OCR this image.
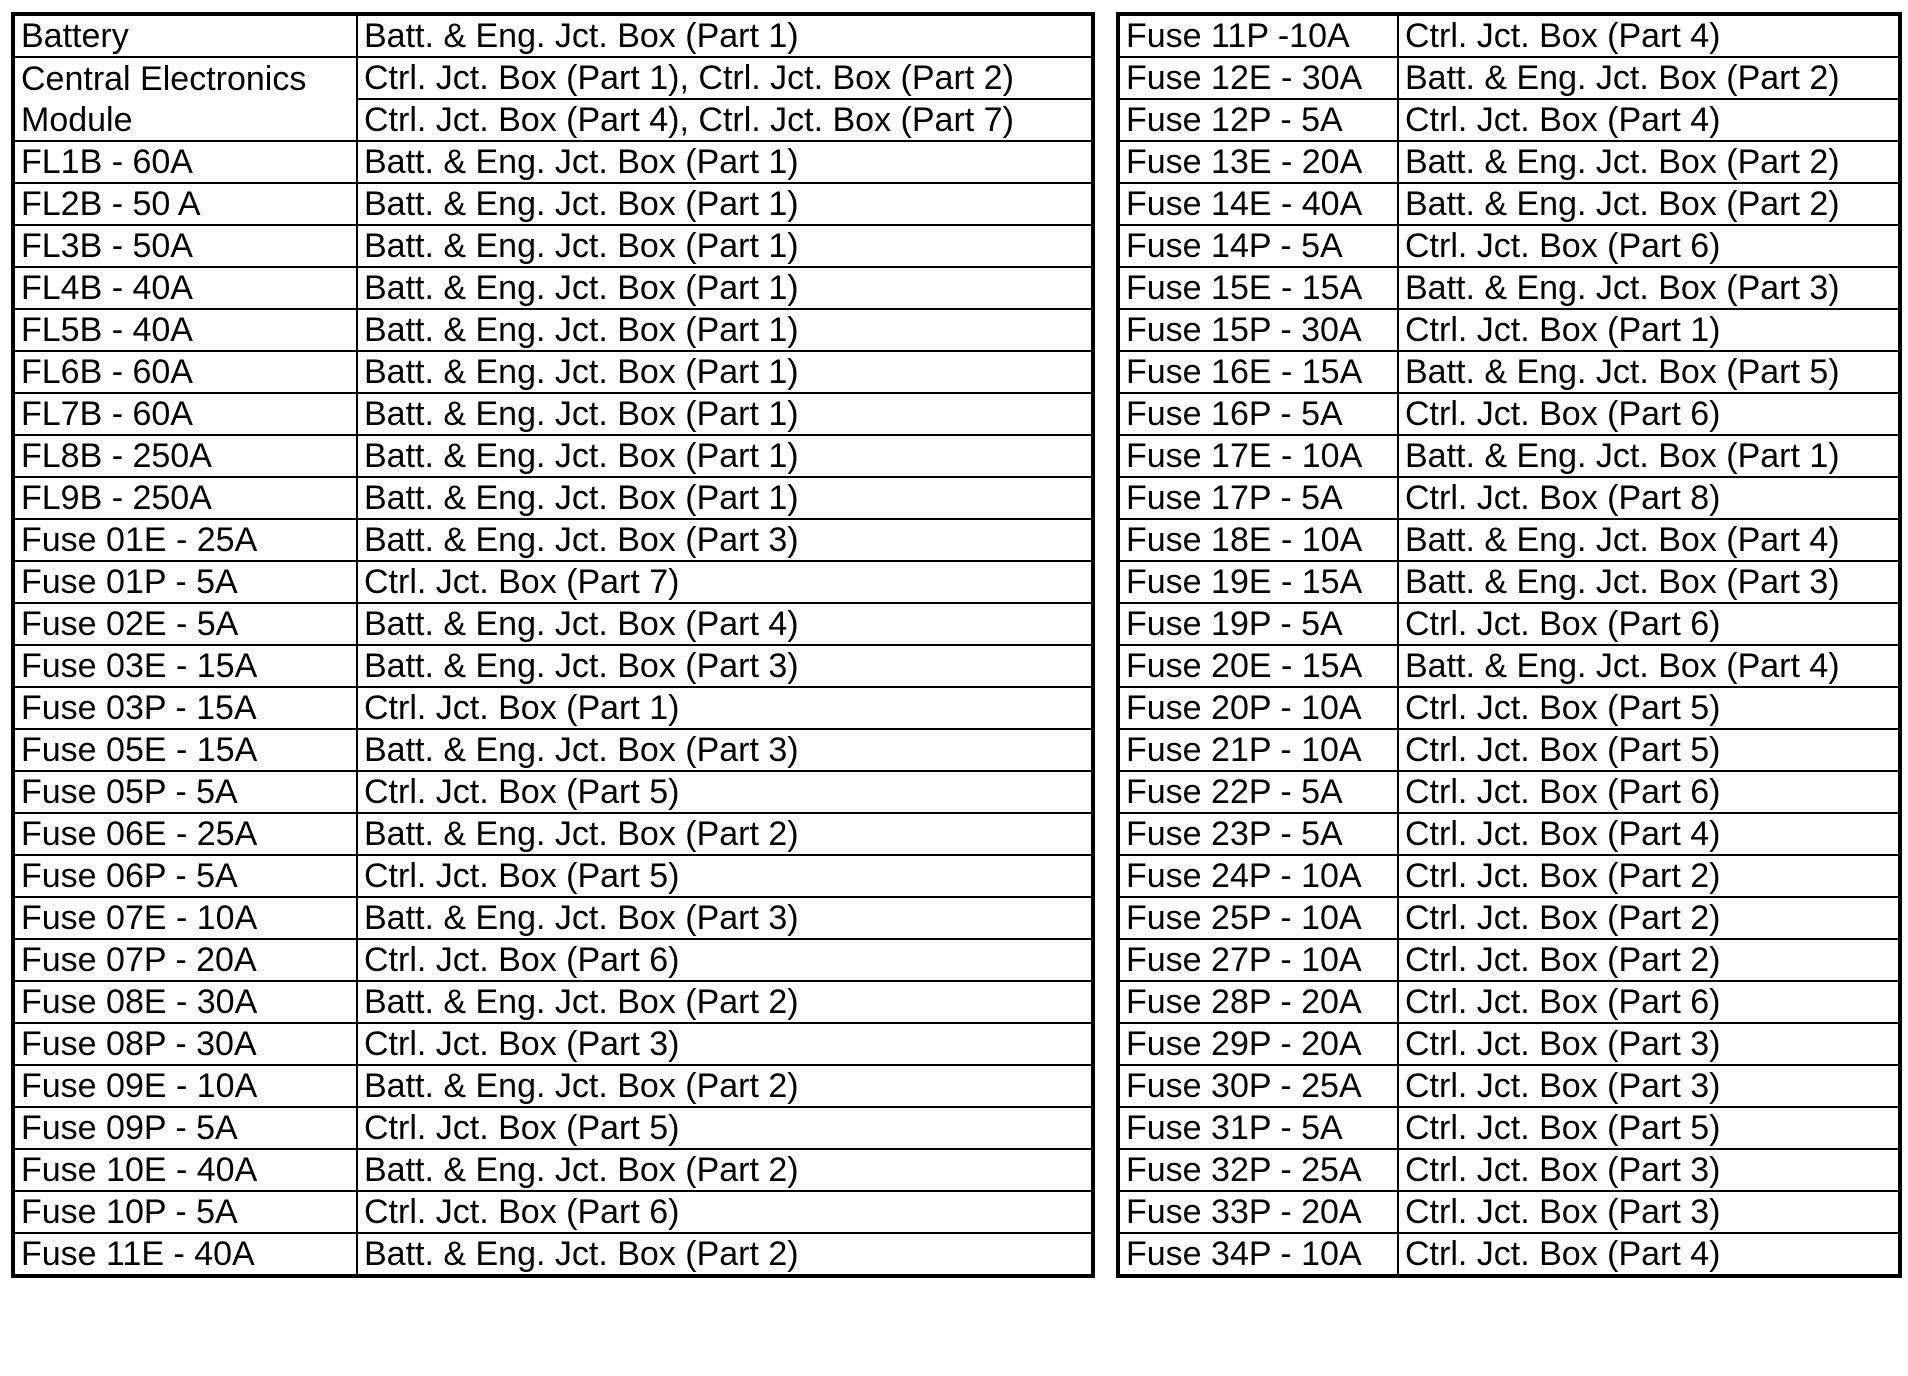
Battery	Batt. & Eng. Jct. Box (Part 1)
Central Electronics	Ctrl. Jct. Box (Part 1), Ctrl. Jct. Box (Part 2)
Module	Ctrl. Jct. Box (Part 4), Ctrl. Jct. Box (Part 7)
FL1B - 60A	Batt. & Eng. Jct. Box (Part 1)
FL2B - 50 A	Batt. & Eng. Jct. Box (Part 1)
FL3B - 50A	Batt. & Eng. Jct. Box (Part 1)
FL4B - 40A	Batt. & Eng. Jct. Box (Part 1)
FL5B - 40A	Batt. & Eng. Jct. Box (Part 1)
FL6B - 60A	Batt. & Eng. Jct. Box (Part 1)
FL7B - 60A	Batt. & Eng. Jct. Box (Part 1)
FL8B - 250A	Batt. & Eng. Jct. Box (Part 1)
FL9B - 250A	Batt. & Eng. Jct. Box (Part 1)
Fuse 01E - 25A	Batt. & Eng. Jct. Box (Part 3)
Fuse 01P - 5A	Ctrl. Jct. Box (Part 7)
Fuse 02E - 5A	Batt. & Eng. Jct. Box (Part 4)
Fuse 03E - 15A	Batt. & Eng. Jct. Box (Part 3)
Fuse 03P - 15A	Ctrl. Jct. Box (Part 1)
Fuse 05E - 15A	Batt. & Eng. Jct. Box (Part 3)
Fuse 05P - 5A	Ctrl. Jct. Box (Part 5)
Fuse 06E - 25A	Batt. & Eng. Jct. Box (Part 2)
Fuse 06P - 5A	Ctrl. Jct. Box (Part 5)
Fuse 07E - 10A	Batt. & Eng. Jct. Box (Part 3)
Fuse 07P - 20A	Ctrl. Jct. Box (Part 6)
Fuse 08E - 30A	Batt. & Eng. Jct. Box (Part 2)
Fuse 08P - 30A	Ctrl. Jct. Box (Part 3)
Fuse 09E - 10A	Batt. & Eng. Jct. Box (Part 2)
Fuse 09P - 5A	Ctrl. Jct. Box (Part 5)
Fuse 10E - 40A	Batt. & Eng. Jct. Box (Part 2)
Fuse 10P - 5A	Ctrl. Jct. Box (Part 6)
Fuse 11E - 40A	Batt. & Eng. Jct. Box (Part 2)
Fuse 11P -10A	Ctrl. Jct. Box (Part 4)
Fuse 12E - 30A	Batt. & Eng. Jct. Box (Part 2)
Fuse 12P - 5A	Ctrl. Jct. Box (Part 4)
Fuse 13E - 20A	Batt. & Eng. Jct. Box (Part 2)
Fuse 14E - 40A	Batt. & Eng. Jct. Box (Part 2)
Fuse 14P - 5A	Ctrl. Jct. Box (Part 6)
Fuse 15E - 15A	Batt. & Eng. Jct. Box (Part 3)
Fuse 15P - 30A	Ctrl. Jct. Box (Part 1)
Fuse 16E - 15A	Batt. & Eng. Jct. Box (Part 5)
Fuse 16P - 5A	Ctrl. Jct. Box (Part 6)
Fuse 17E - 10A	Batt. & Eng. Jct. Box (Part 1)
Fuse 17P - 5A	Ctrl. Jct. Box (Part 8)
Fuse 18E - 10A	Batt. & Eng. Jct. Box (Part 4)
Fuse 19E - 15A	Batt. & Eng. Jct. Box (Part 3)
Fuse 19P - 5A	Ctrl. Jct. Box (Part 6)
Fuse 20E - 15A	Batt. & Eng. Jct. Box (Part 4)
Fuse 20P - 10A	Ctrl. Jct. Box (Part 5)
Fuse 21P - 10A	Ctrl. Jct. Box (Part 5)
Fuse 22P - 5A	Ctrl. Jct. Box (Part 6)
Fuse 23P - 5A	Ctrl. Jct. Box (Part 4)
Fuse 24P - 10A	Ctrl. Jct. Box (Part 2)
Fuse 25P - 10A	Ctrl. Jct. Box (Part 2)
Fuse 27P - 10A	Ctrl. Jct. Box (Part 2)
Fuse 28P - 20A	Ctrl. Jct. Box (Part 6)
Fuse 29P - 20A	Ctrl. Jct. Box (Part 3)
Fuse 30P - 25A	Ctrl. Jct. Box (Part 3)
Fuse 31P - 5A	Ctrl. Jct. Box (Part 5)
Fuse 32P - 25A	Ctrl. Jct. Box (Part 3)
Fuse 33P - 20A	Ctrl. Jct. Box (Part 3)
Fuse 34P - 10A	Ctrl. Jct. Box (Part 4)
